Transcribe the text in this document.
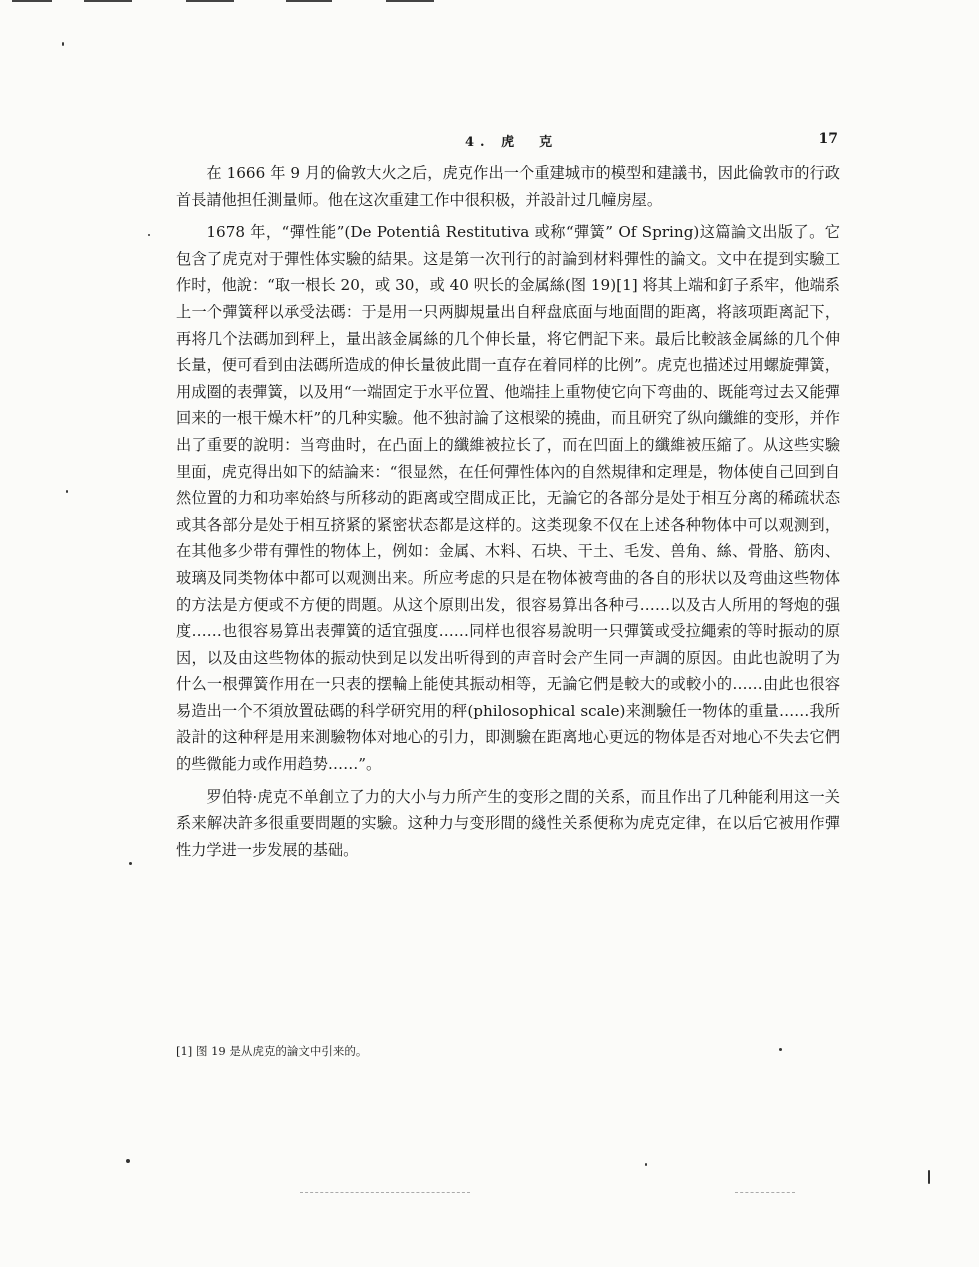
4. 虎　克	17

在 1666 年 9 月的倫敦大火之后，虎克作出一个重建城市的模型和建議书，因此倫敦市的行政首長請他担任測量师。他在这次重建工作中很积极，并設計过几幢房屋。

1678 年，“彈性能”(De Potentiâ Restitutiva 或称“彈簧” Of Spring)这篇論文出版了。它包含了虎克对于彈性体实驗的結果。这是第一次刊行的討論到材料彈性的論文。文中在提到实驗工作时，他說：“取一根长 20，或 30，或 40 呎长的金属絲(图 19)[1] 将其上端和釘子系牢，他端系上一个彈簧秤以承受法碼：于是用一只两脚規量出自秤盘底面与地面間的距离，将該项距离記下，再将几个法碼加到秤上，量出該金属絲的几个伸长量，将它們記下来。最后比較該金属絲的几个伸长量，便可看到由法碼所造成的伸长量彼此間一直存在着同样的比例”。虎克也描述过用螺旋彈簧，用成圈的表彈簧，以及用“一端固定于水平位置、他端挂上重物使它向下弯曲的、既能弯过去又能彈回来的一根干燥木杆”的几种实驗。他不独討論了这根梁的撓曲，而且研究了纵向纖維的变形，并作出了重要的說明：当弯曲时，在凸面上的纖維被拉长了，而在凹面上的纖維被压縮了。从这些实驗里面，虎克得出如下的結論来：“很显然，在任何彈性体內的自然規律和定理是，物体使自己回到自然位置的力和功率始終与所移动的距离或空間成正比，无論它的各部分是处于相互分离的稀疏状态或其各部分是处于相互挤紧的紧密状态都是这样的。这类现象不仅在上述各种物体中可以观测到，在其他多少带有彈性的物体上，例如：金属、木料、石块、干土、毛发、兽角、絲、骨胳、筋肉、玻璃及同类物体中都可以观测出来。所应考虑的只是在物体被弯曲的各自的形状以及弯曲这些物体的方法是方便或不方便的問題。从这个原則出发，很容易算出各种弓……以及古人所用的弩炮的强度……也很容易算出表彈簧的适宜强度……同样也很容易說明一只彈簧或受拉繩索的等时振动的原因，以及由这些物体的振动快到足以发出听得到的声音时会产生同一声調的原因。由此也說明了为什么一根彈簧作用在一只表的摆輪上能使其振动相等，无論它們是較大的或較小的……由此也很容易造出一个不須放置砝碼的科学研究用的秤(philosophical scale)来測驗任一物体的重量……我所設計的这种秤是用来測驗物体对地心的引力，即測驗在距离地心更远的物体是否对地心不失去它們的些微能力或作用趋势……”。

罗伯特·虎克不单創立了力的大小与力所产生的变形之間的关系，而且作出了几种能利用这一关系来解决許多很重要問題的实驗。这种力与变形間的綫性关系便称为虎克定律，在以后它被用作彈性力学进一步发展的基础。

[1] 图 19 是从虎克的論文中引来的。
